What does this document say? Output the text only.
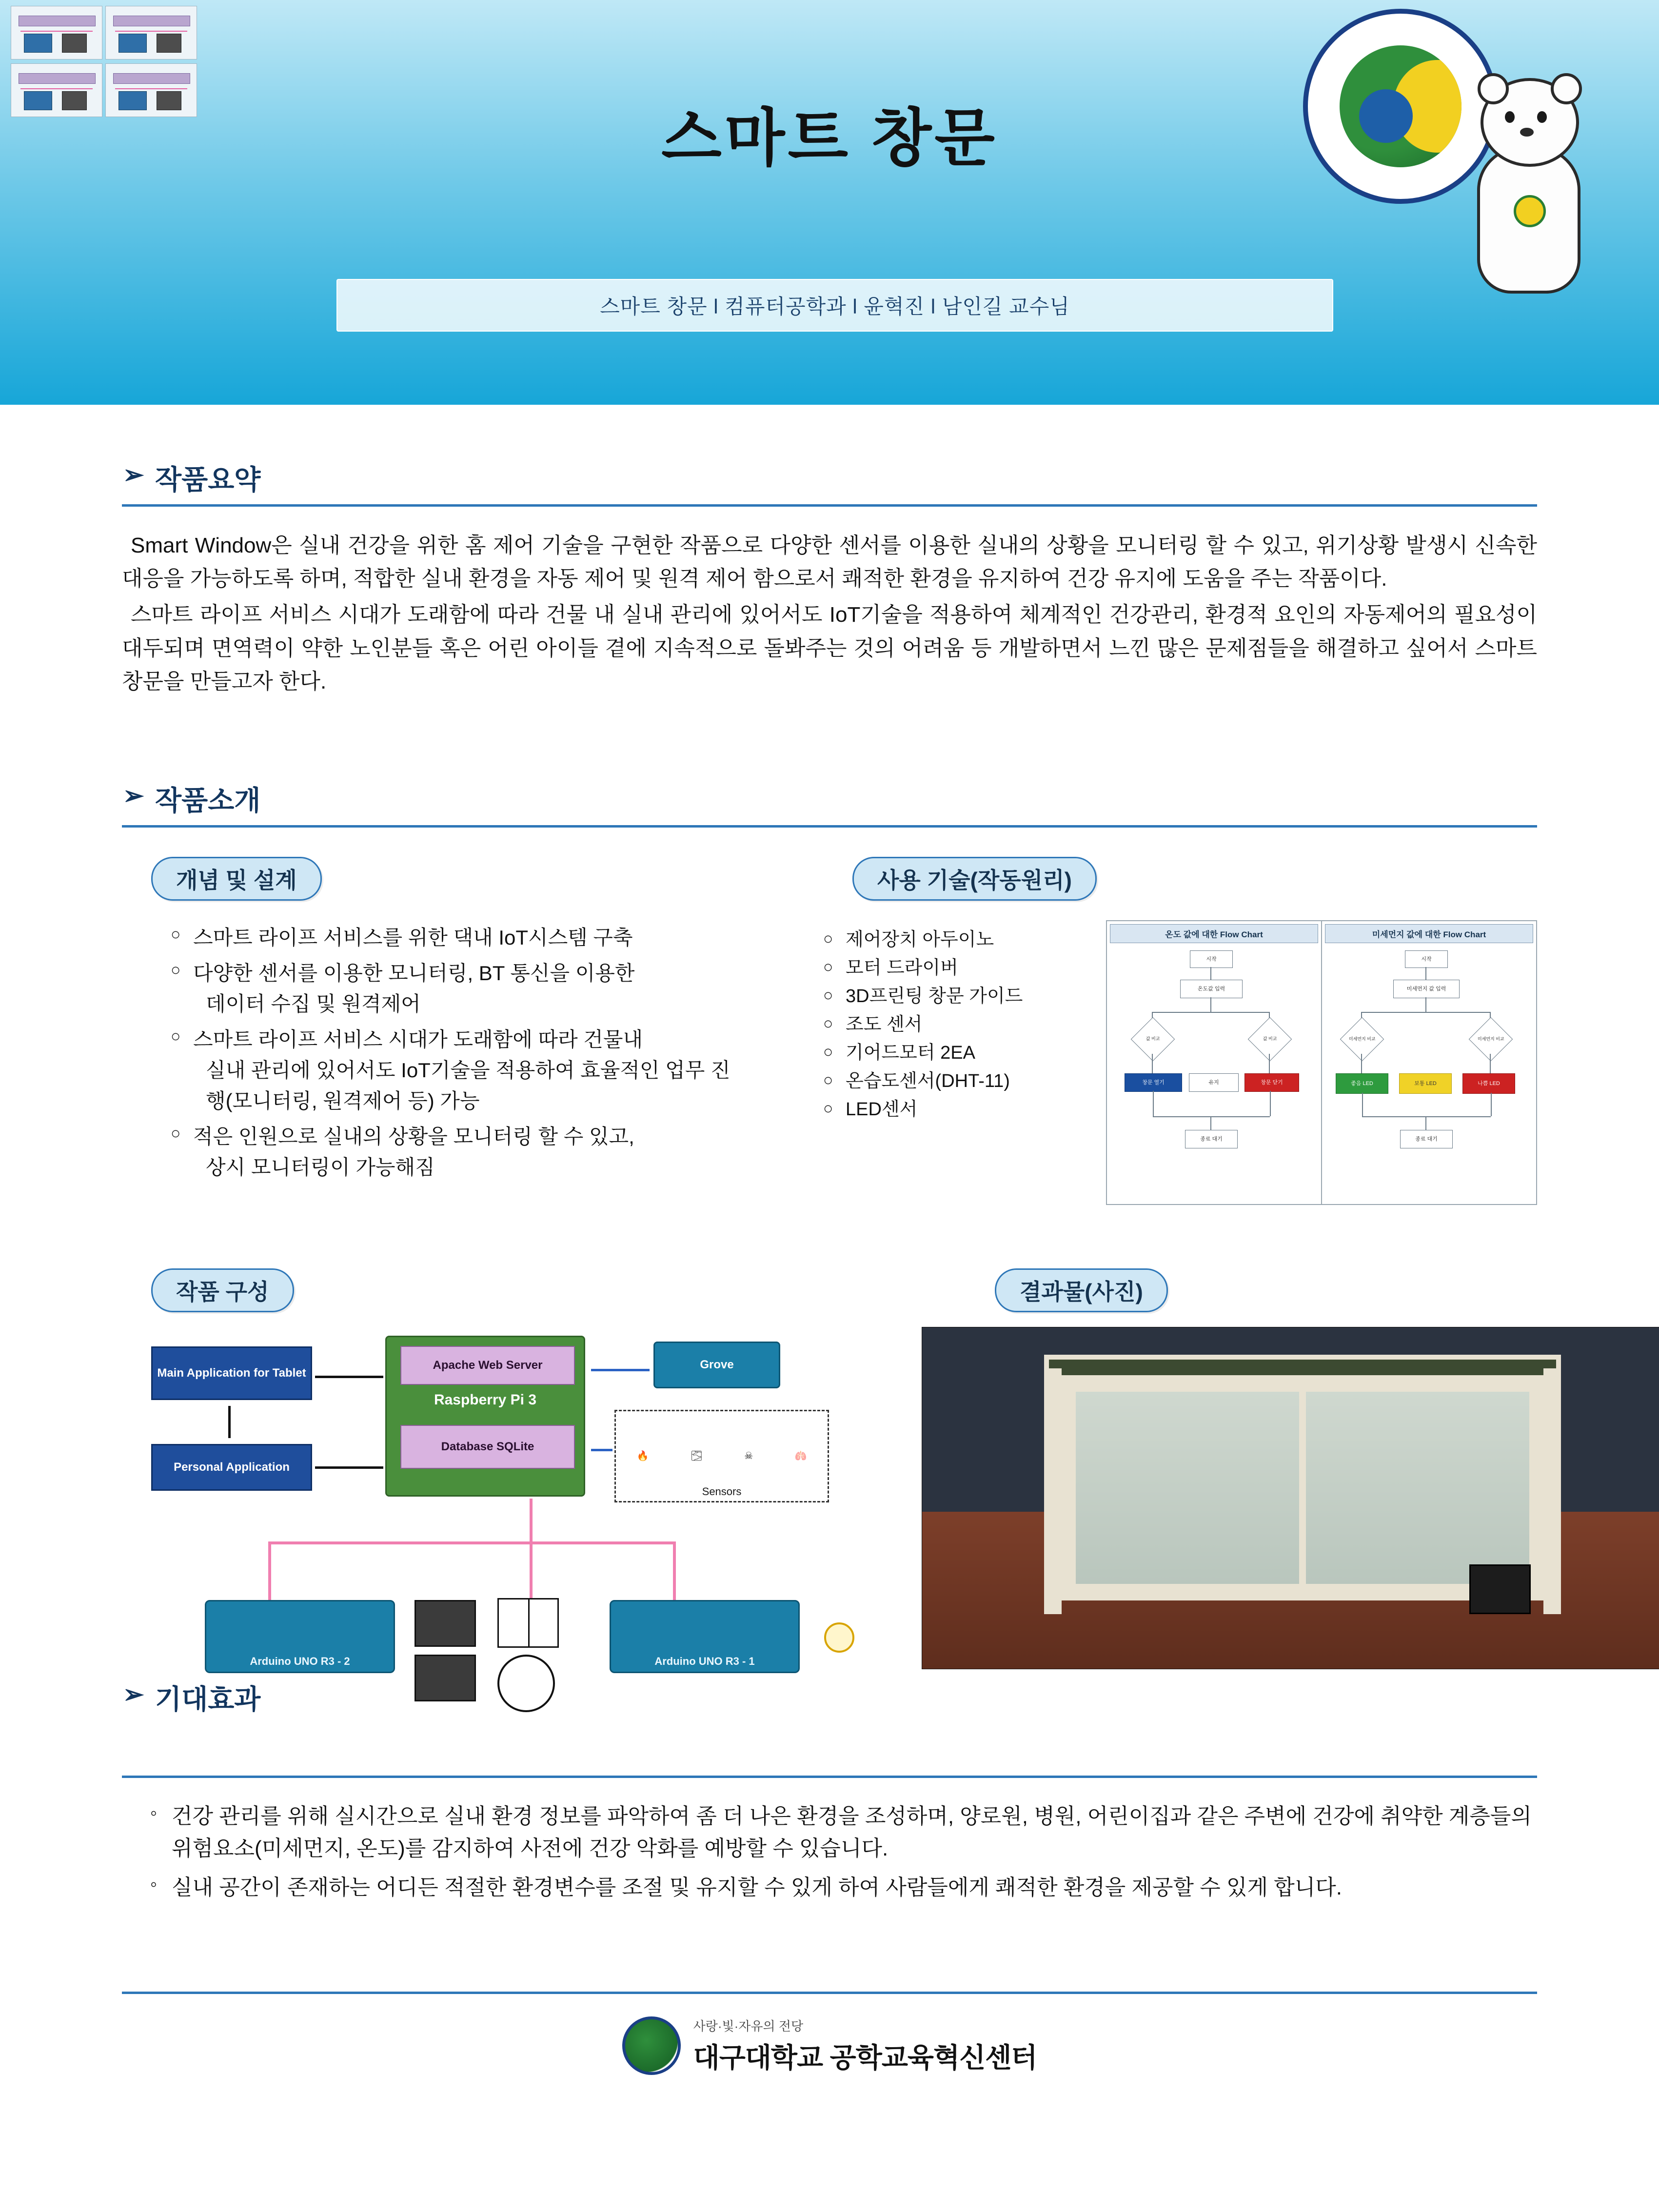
스마트 창문
스마트 창문 l 컴퓨터공학과 l 윤혁진 l 남인길 교수님
➢ 작품요약

Smart Window은 실내 건강을 위한 홈 제어 기술을 구현한 작품으로 다양한 센서를 이용한 실내의 상황을 모니터링 할 수 있고, 위기상황 발생시 신속한 대응을 가능하도록 하며, 적합한 실내 환경을 자동 제어 및 원격 제어 함으로서 쾌적한 환경을 유지하여 건강 유지에 도움을 주는 작품이다.

스마트 라이프 서비스 시대가 도래함에 따라 건물 내 실내 관리에 있어서도 IoT기술을 적용하여 체계적인 건강관리, 환경적 요인의 자동제어의 필요성이 대두되며 면역력이 약한 노인분들 혹은 어린 아이들 곁에 지속적으로 돌봐주는 것의 어려움 등 개발하면서 느낀 많은 문제점들을 해결하고 싶어서 스마트 창문을 만들고자 한다.

➢ 작품소개
개념 및 설계
○ 스마트 라이프 서비스를 위한 댁내 IoT시스템 구축
○ 다양한 센서를 이용한 모니터링, BT 통신을 이용한
데이터 수집 및 원격제어
○ 스마트 라이프 서비스 시대가 도래함에 따라 건물내
실내 관리에 있어서도 IoT기술을 적용하여 효율적인 업무 진행(모니터링, 원격제어 등) 가능
○ 적은 인원으로 실내의 상황을 모니터링 할 수 있고,
상시 모니터링이 가능해짐
사용 기술(작동원리)
○ 제어장치 아두이노
○ 모터 드라이버
○ 3D프린팅 창문 가이드
○ 조도 센서
○ 기어드모터 2EA
○ 온습도센서(DHT-11)
○ LED센서
온도 값에 대한 Flow Chart
시작
온도값 입력
값 비교	값 비교
창문 열기	유지	창문 닫기
종료 대기
미세먼지 값에 대한 Flow Chart
시작
미세먼지 값 입력
미세먼지 비교	미세먼지 비교
좋음 LED	보통 LED	나쁨 LED
종료 대기
작품 구성
Main Application for Tablet
Personal Application
Apache Web Server
Raspberry Pi 3
Database SQLite
Grove
🔥	🌫	☠	🫁
Sensors
Arduino UNO R3 - 2	Arduino UNO R3 - 1
결과물(사진)
➢ 기대효과
◦ 건강 관리를 위해 실시간으로 실내 환경 정보를 파악하여 좀 더 나은 환경을 조성하며, 양로원, 병원, 어린이집과 같은 주변에 건강에 취약한 계층들의 위험요소(미세먼지, 온도)를 감지하여 사전에 건강 악화를 예방할 수 있습니다.
◦ 실내 공간이 존재하는 어디든 적절한 환경변수를 조절 및 유지할 수 있게 하여 사람들에게 쾌적한 환경을 제공할 수 있게 합니다.
사랑·빛·자유의 전당
대구대학교 공학교육혁신센터
